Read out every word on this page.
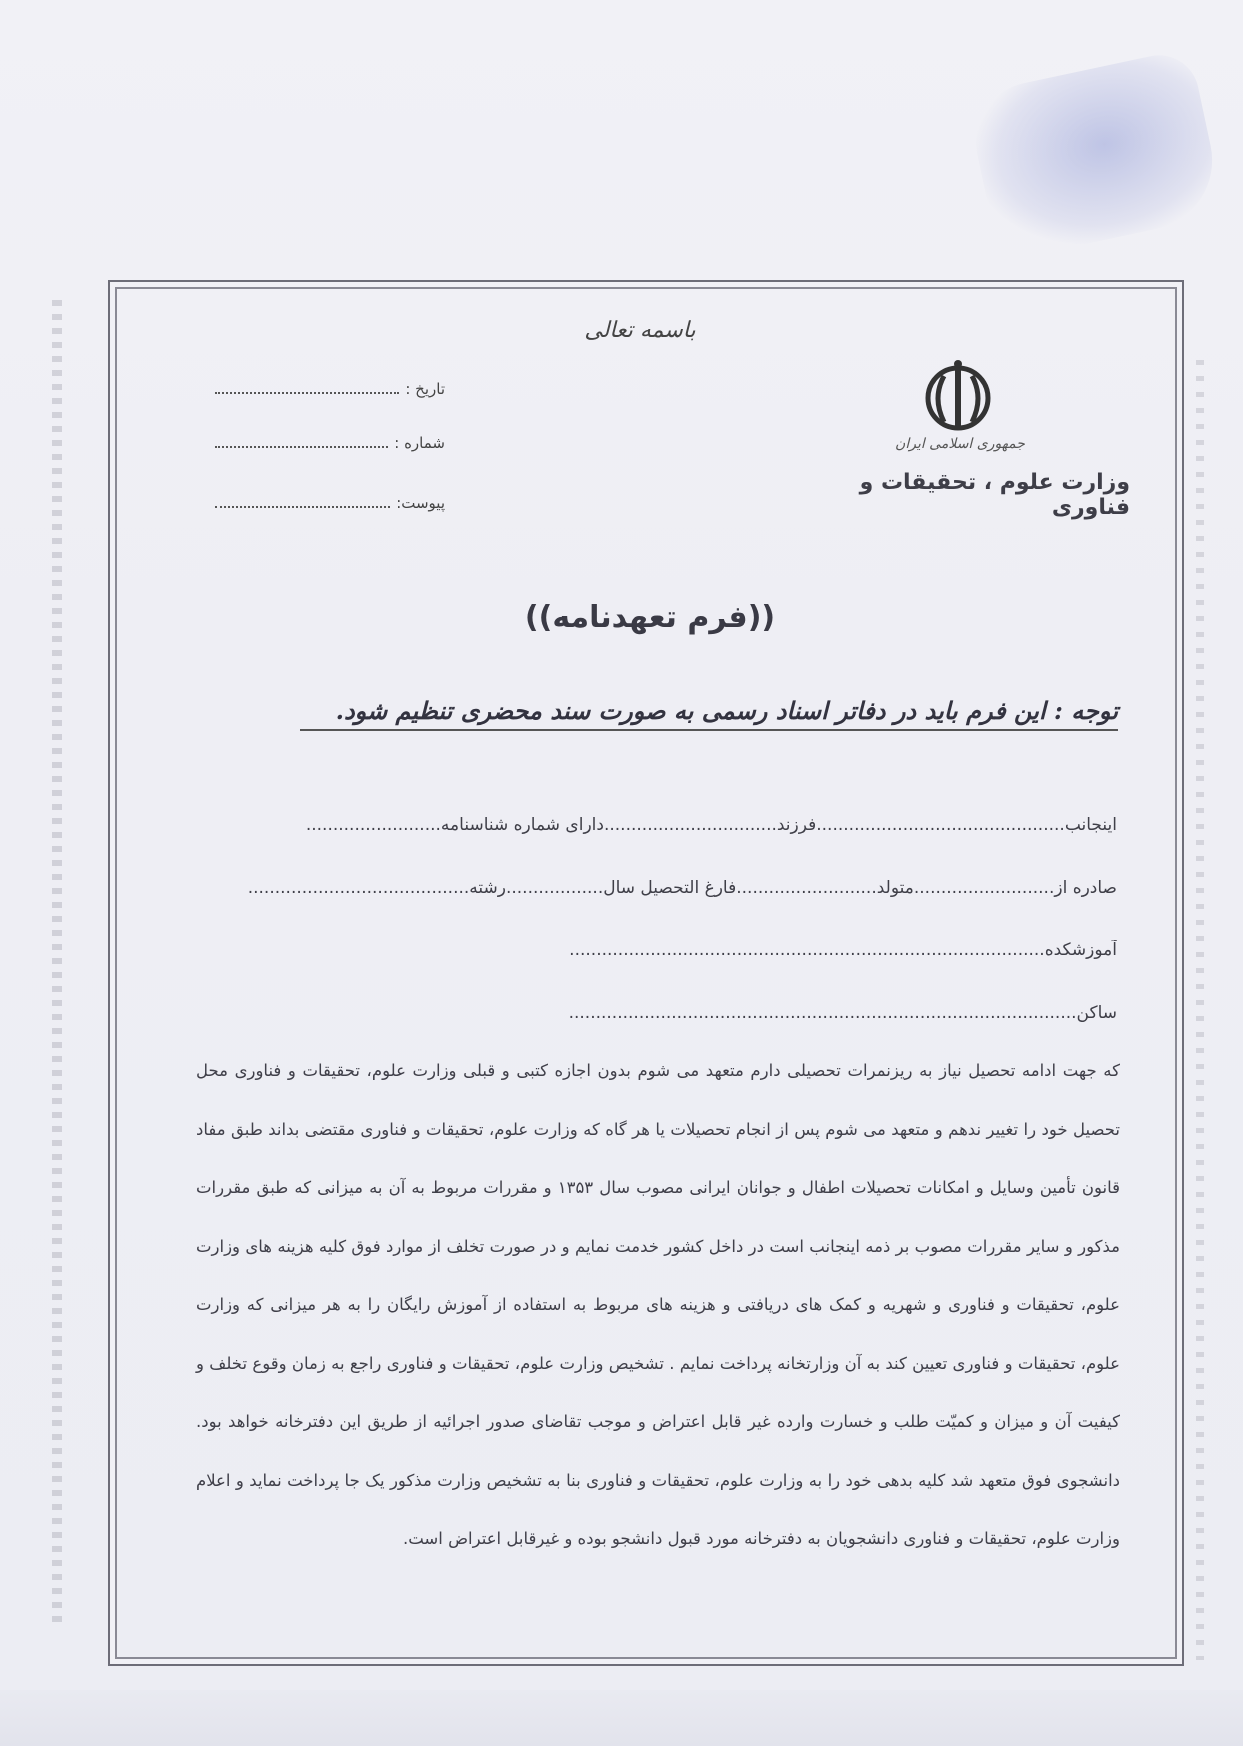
باسمه تعالی
تاریخ :
شماره :
پیوست:
جمهوری اسلامی ایران
وزارت علوم ، تحقیقات و فناوری
((فرم تعهدنامه))
توجه : این فرم باید در دفاتر اسناد رسمی به صورت سند محضری تنظیم شود.
اینجانب..............................................فرزند................................دارای شماره شناسنامه.........................
صادره از..........................متولد..........................فارغ التحصیل سال..................رشته.........................................
آموزشکده........................................................................................
ساکن..............................................................................................
که جهت ادامه تحصیل نیاز به ریزنمرات تحصیلی دارم متعهد می شوم بدون اجازه کتبی و قبلی وزارت علوم، تحقیقات و فناوری محل تحصیل خود را تغییر ندهم و متعهد می شوم پس از انجام تحصیلات یا هر گاه که وزارت علوم، تحقیقات و فناوری مقتضی بداند طبق مفاد قانون تأمین وسایل و امکانات تحصیلات اطفال و جوانان ایرانی مصوب سال ۱۳۵۳ و مقررات مربوط به آن به میزانی که طبق مقررات مذکور و سایر مقررات مصوب بر ذمه اینجانب است در داخل کشور خدمت نمایم و در صورت تخلف از موارد فوق کلیه هزینه های وزارت علوم، تحقیقات و فناوری و شهریه و کمک های دریافتی و هزینه های مربوط به استفاده از آموزش رایگان را به هر میزانی که وزارت علوم، تحقیقات و فناوری تعیین کند به آن وزارتخانه پرداخت نمایم . تشخیص وزارت علوم، تحقیقات و فناوری راجع به زمان وقوع تخلف و کیفیت آن و میزان و کمیّت طلب و خسارت وارده غیر قابل اعتراض و موجب تقاضای صدور اجرائیه از طریق این دفترخانه خواهد بود. دانشجوی فوق متعهد شد کلیه بدهی خود را به وزارت علوم، تحقیقات و فناوری بنا به تشخیص وزارت مذکور یک جا پرداخت نماید و اعلام وزارت علوم، تحقیقات و فناوری دانشجویان به دفترخانه مورد قبول دانشجو بوده و غیرقابل اعتراض است.
